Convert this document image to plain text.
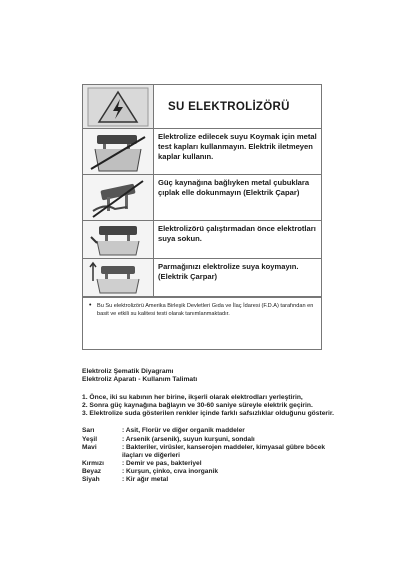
SU ELEKTROLİZÖRÜ
Elektrolize edilecek suyu Koymak için metal test kapları kullanmayın. Elektrik iletmeyen kaplar kullanın.
Güç kaynağına bağlıyken metal çubuklara çıplak elle dokunmayın (Elektrik Çapar)
Elektrolizörü çalıştırmadan önce elektrotları suya sokun.
Parmağınızı elektrolize suya koymayın. (Elektrik Çarpar)
• Bu Su elektrolizörü Amerika Birleşik Devletleri Gıda ve İlaç İdaresi (F.D.A) tarafından en basit ve etkili su kalitesi testi olarak tanımlanmaktadır.

Elektroliz Şematik Diyagramı

Elektroliz Aparatı - Kullanım Talimatı

1. Önce, iki su kabının her birine, ikşerli olarak elektrodları yerleştirin,

2. Sonra güç kaynağına bağlayın ve 30-60 saniye süreyle elektrik geçirin.

3. Elektrolize suda gösterilen renkler içinde farklı safsızlıklar olduğunu gösterir.

Sarı	: Asit, Florür ve diğer organik maddeler
Yeşil	: Arsenik (arsenik), suyun kurşuni, sondalı
Mavi	: Bakteriler, virüsler, kanserojen maddeler, kimyasal gübre böcek ilaçları ve diğerleri
Kırmızı	: Demir ve pas, bakteriyel
Beyaz	: Kurşun, çinko, cıva inorganik
Siyah	: Kir ağır metal
